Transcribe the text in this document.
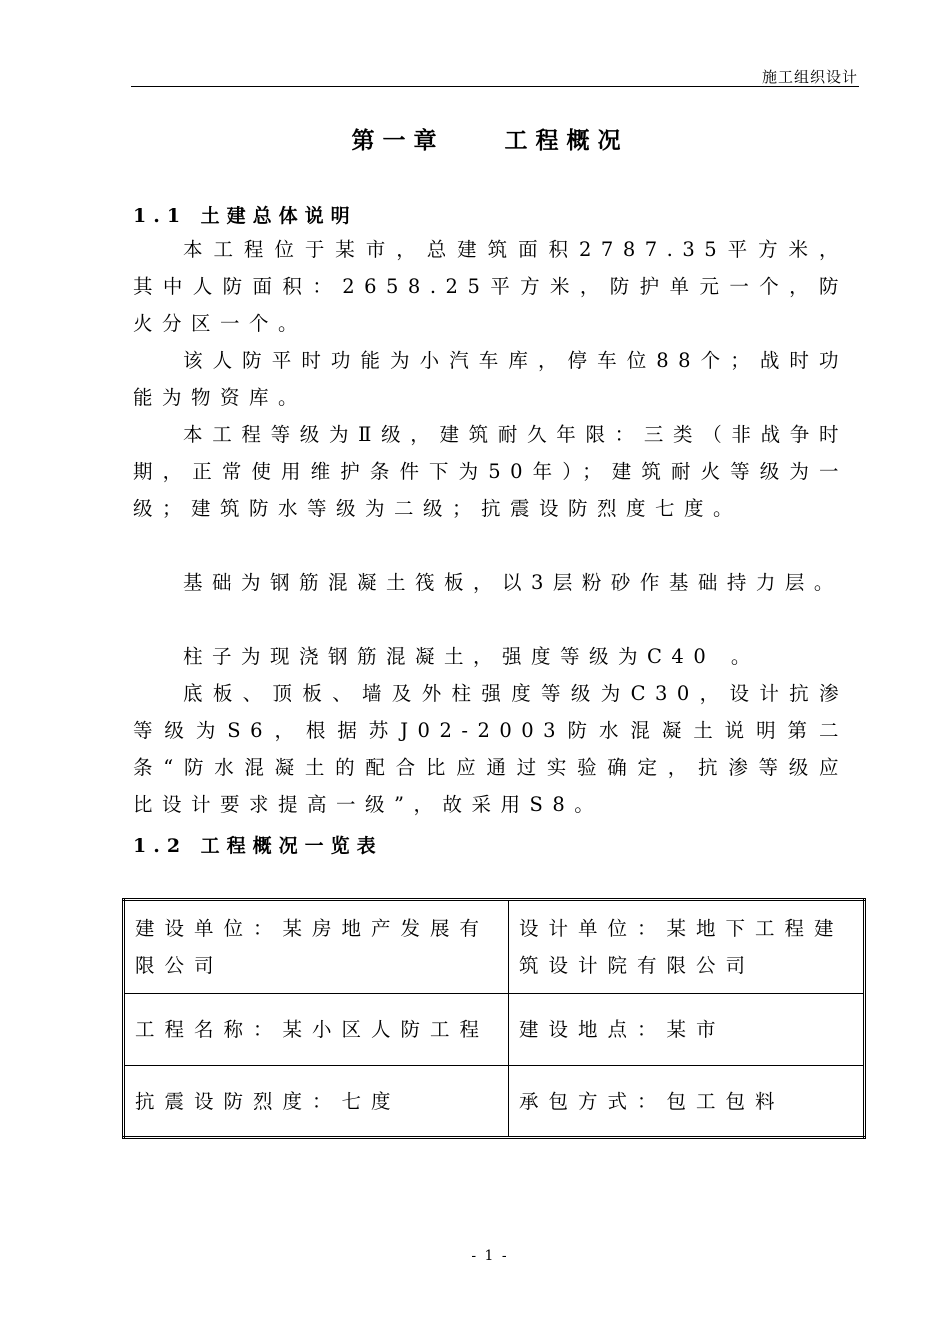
施工组织设计
第一章	工程概况
1.1 土建总体说明
本工程位于某市，总建筑面积2787.35平方米，其中人防面积：2658.25平方米，防护单元一个，防火分区一个。
该人防平时功能为小汽车库，停车位88个；战时功能为物资库。
本工程等级为Ⅱ级，建筑耐久年限：三类（非战争时期，正常使用维护条件下为50年）；建筑耐火等级为一级；建筑防水等级为二级；抗震设防烈度七度。
基础为钢筋混凝土筏板，以3层粉砂作基础持力层。
柱子为现浇钢筋混凝土，强度等级为C40 。
底板、顶板、墙及外柱强度等级为C30，设计抗渗等级为S6，根据苏J02-2003防水混凝土说明第二条“防水混凝土的配合比应通过实验确定，抗渗等级应比设计要求提高一级”，故采用S8。
1.2 工程概况一览表
建设单位：某房地产发展有限公司	设计单位：某地下工程建筑设计院有限公司

工程名称：某小区人防工程	建设地点：某市

抗震设防烈度：七度	承包方式：包工包料
- 1 -
